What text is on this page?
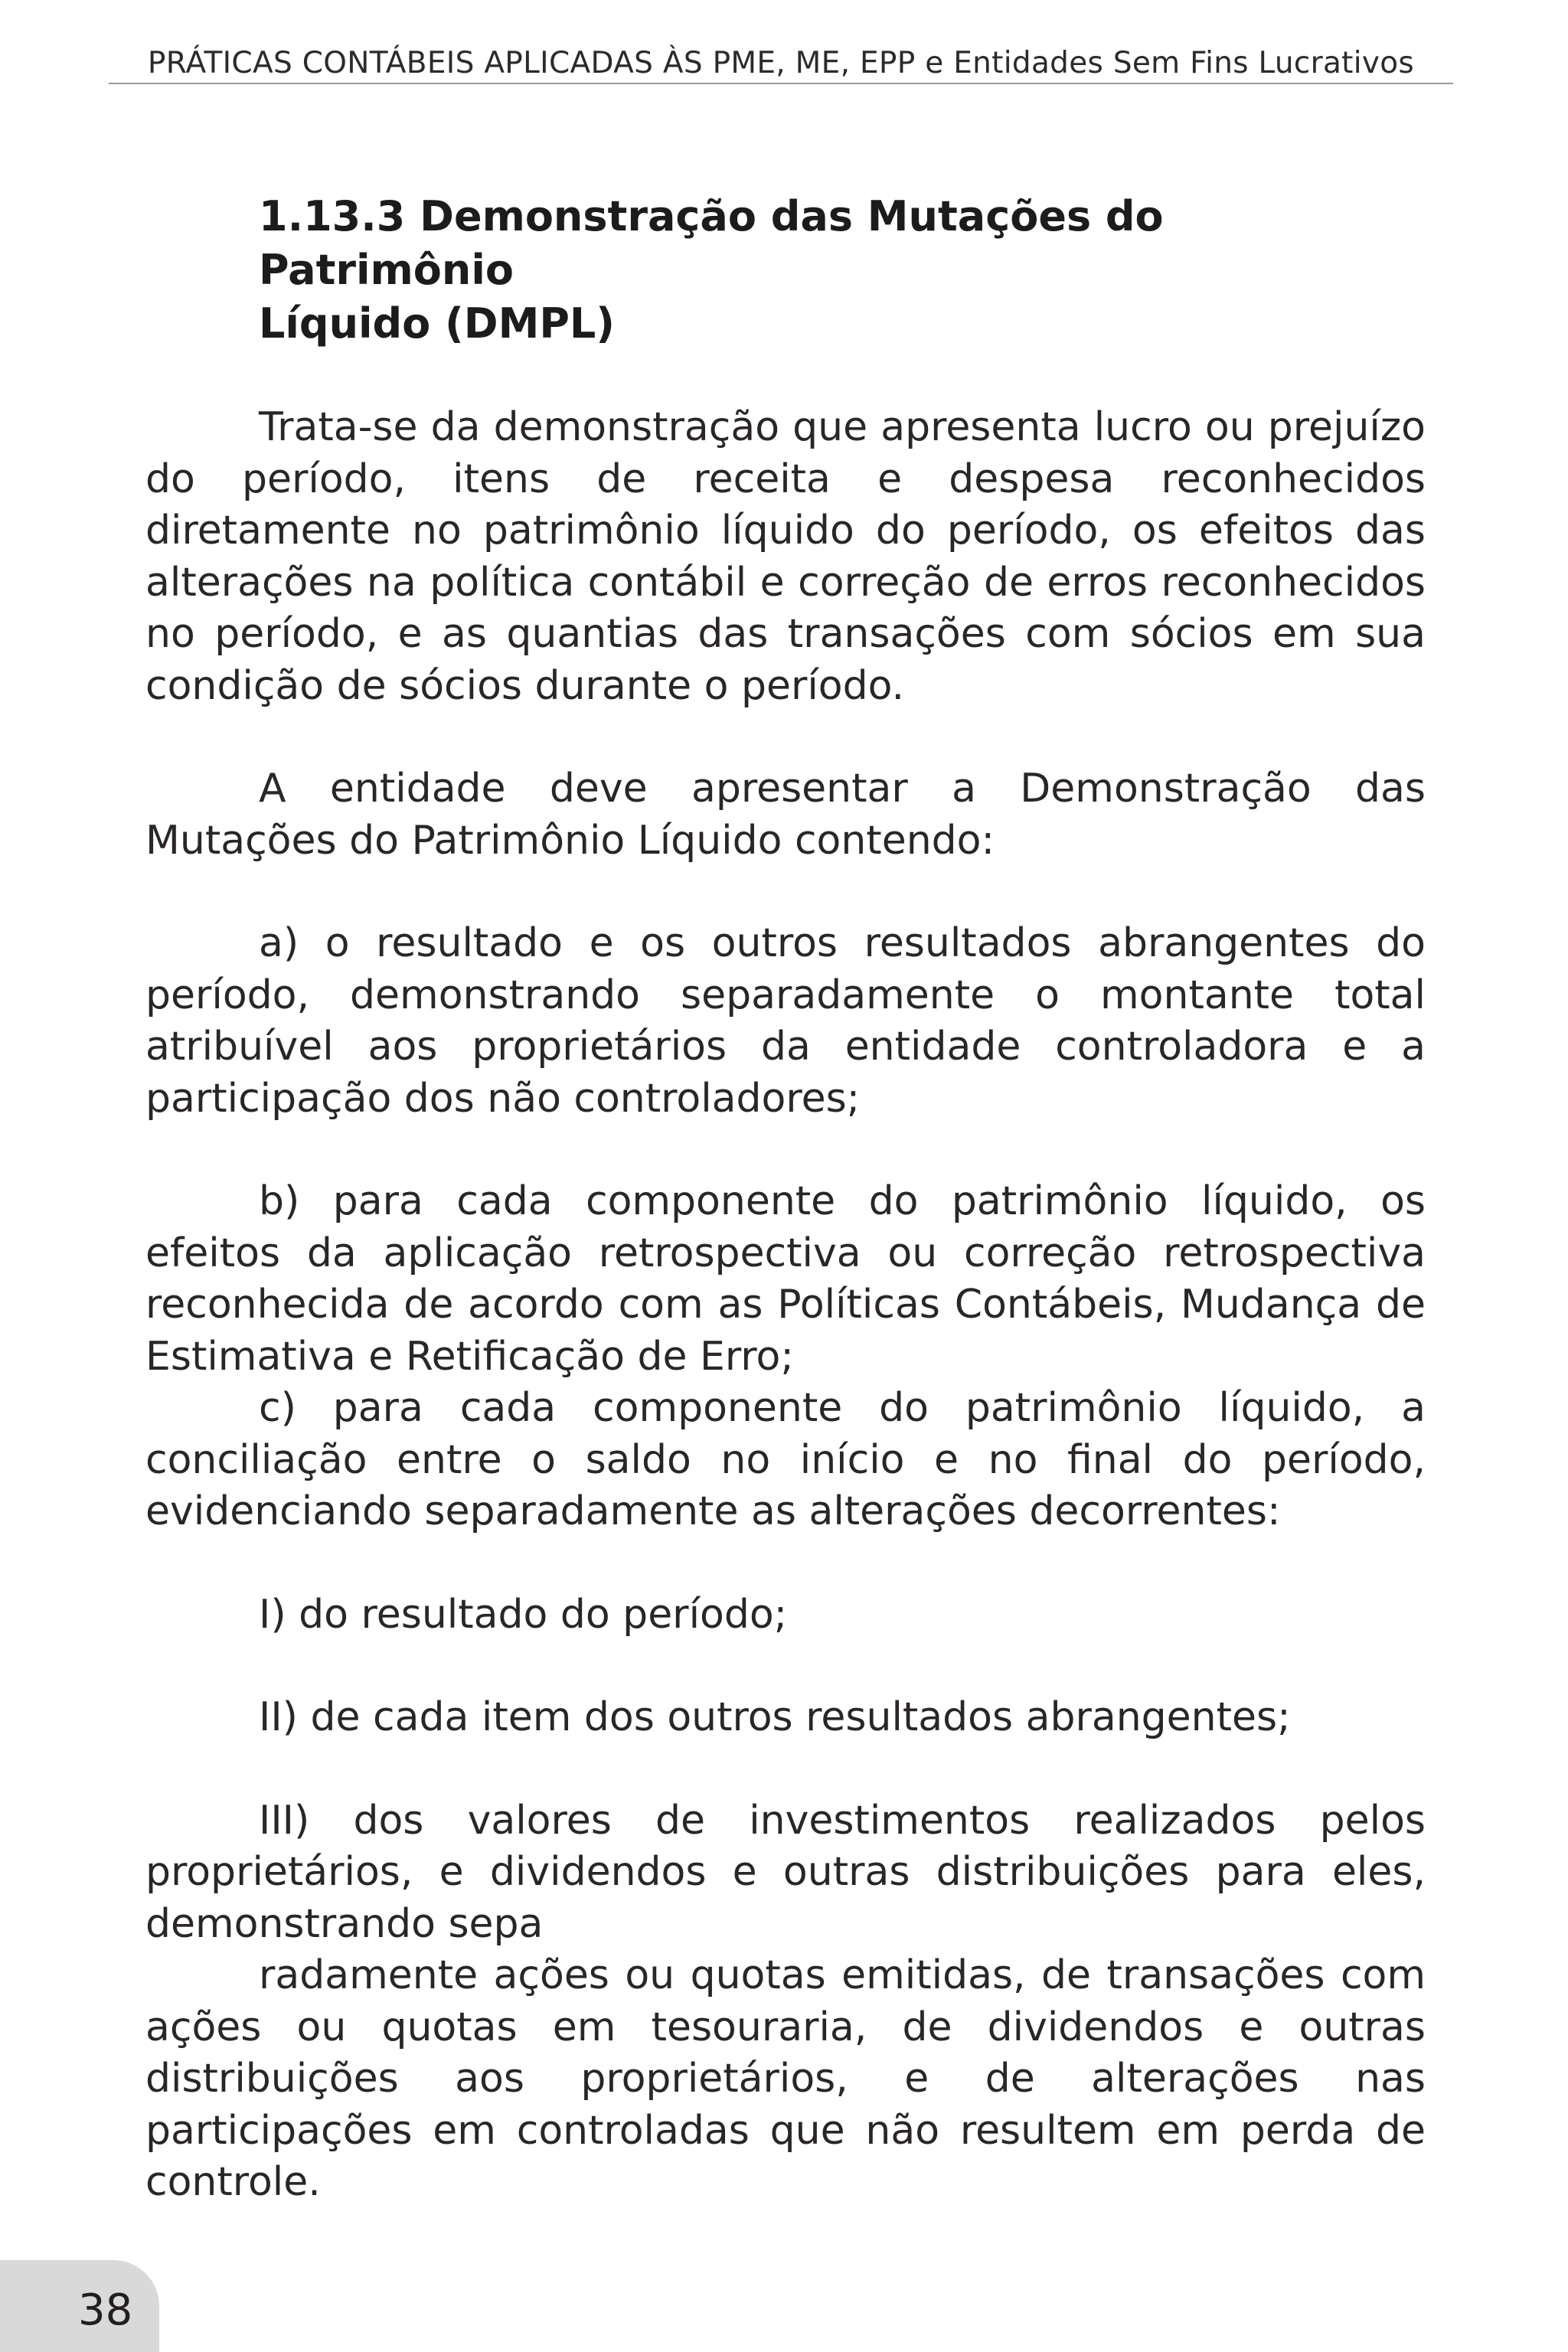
PRÁTICAS CONTÁBEIS APLICADAS ÀS PME, ME, EPP e Entidades Sem Fins Lucrativos
1.13.3 Demonstração das Mutações do Patrimônio
Líquido (DMPL)

Trata-se da demonstração que apresenta lucro ou prejuízo do período, itens de receita e despesa reconhecidos diretamente no patrimônio líquido do período, os efeitos das alterações na política contábil e correção de erros reconhecidos no período, e as quantias das transações com sócios em sua condição de sócios durante o período.

A entidade deve apresentar a Demonstração das Mutações do Patrimônio Líquido contendo:

a) o resultado e os outros resultados abrangentes do período, demonstrando separadamente o montante total atribuível aos proprietários da entidade controladora e a participação dos não controladores;

b) para cada componente do patrimônio líquido, os efeitos da aplicação retrospectiva ou correção retrospectiva reconhecida de acordo com as Políticas Contábeis, Mudança de Estimativa e Retificação de Erro;

c) para cada componente do patrimônio líquido, a conciliação entre o saldo no início e no final do período, evidenciando separadamente as alterações decorrentes:

I) do resultado do período;

II) de cada item dos outros resultados abrangentes;

III) dos valores de investimentos realizados pelos proprietários, e dividendos e outras distribuições para eles, demonstrando sepa

radamente ações ou quotas emitidas, de transações com ações ou quotas em tesouraria, de dividendos e outras distribuições aos proprietários, e de alterações nas participações em controladas que não resultem em perda de controle.

38
